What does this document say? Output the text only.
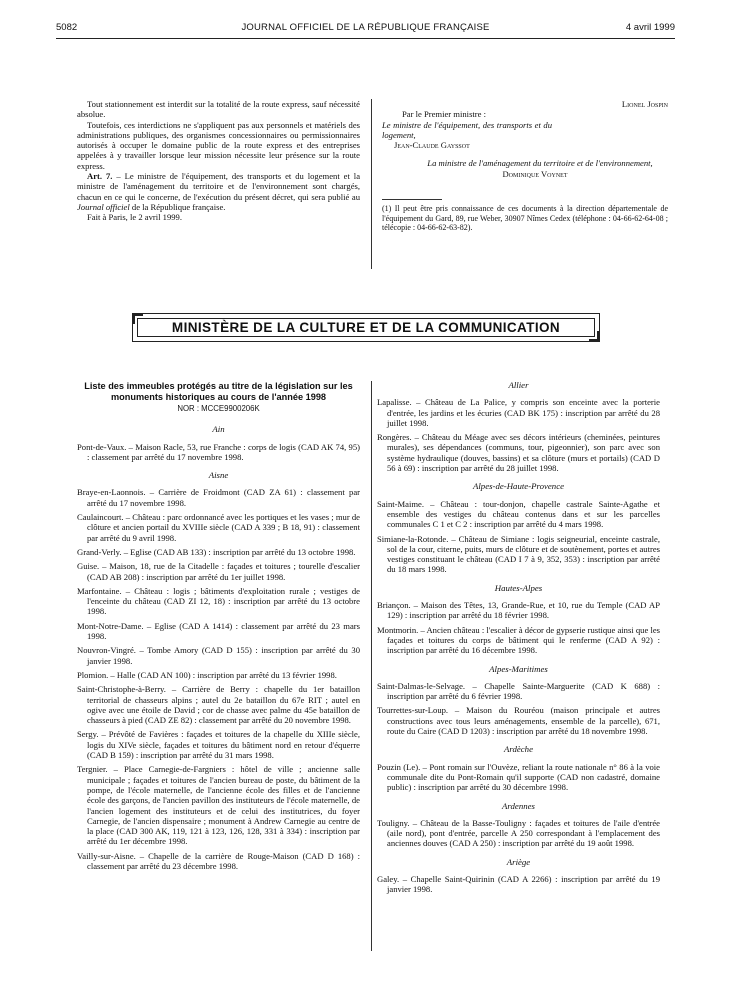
5082	JOURNAL OFFICIEL DE LA RÉPUBLIQUE FRANÇAISE	4 avril 1999

Tout stationnement est interdit sur la totalité de la route express, sauf nécessité absolue.

Toutefois, ces interdictions ne s'appliquent pas aux personnels et matériels des administrations publiques, des organismes concessionnaires ou permissionnaires autorisés à occuper le domaine public de la route express et des entreprises appelées à y travailler lorsque leur mission nécessite leur présence sur la route express.

Art. 7. – Le ministre de l'équipement, des transports et du logement et la ministre de l'aménagement du territoire et de l'environnement sont chargés, chacun en ce qui le concerne, de l'exécution du présent décret, qui sera publié au Journal officiel de la République française.

Fait à Paris, le 2 avril 1999.

Lionel Jospin
Par le Premier ministre :
Le ministre de l'équipement, des transports et du logement,
Jean-Claude Gayssot
La ministre de l'aménagement du territoire et de l'environnement,
Dominique Voynet
(1) Il peut être pris connaissance de ces documents à la direction départementale de l'équipement du Gard, 89, rue Weber, 30907 Nîmes Cedex (téléphone : 04-66-62-64-08 ; télécopie : 04-66-62-63-82).
MINISTÈRE DE LA CULTURE ET DE LA COMMUNICATION
Liste des immeubles protégés au titre de la législation sur les monuments historiques au cours de l'année 1998
NOR : MCCE9900206K
Ain
Pont-de-Vaux. – Maison Racle, 53, rue Franche : corps de logis (CAD AK 74, 95) : classement par arrêté du 17 novembre 1998.
Aisne
Braye-en-Laonnois. – Carrière de Froidmont (CAD ZA 61) : classement par arrêté du 17 novembre 1998.
Caulaincourt. – Château : parc ordonnancé avec les portiques et les vases ; mur de clôture et ancien portail du XVIIIe siècle (CAD A 339 ; B 18, 91) : classement par arrêté du 9 avril 1998.
Grand-Verly. – Eglise (CAD AB 133) : inscription par arrêté du 13 octobre 1998.
Guise. – Maison, 18, rue de la Citadelle : façades et toitures ; tourelle d'escalier (CAD AB 208) : inscription par arrêté du 1er juillet 1998.
Marfontaine. – Château : logis ; bâtiments d'exploitation rurale ; vestiges de l'enceinte du château (CAD ZI 12, 18) : inscription par arrêté du 13 octobre 1998.
Mont-Notre-Dame. – Eglise (CAD A 1414) : classement par arrêté du 23 mars 1998.
Nouvron-Vingré. – Tombe Amory (CAD D 155) : inscription par arrêté du 30 janvier 1998.
Plomion. – Halle (CAD AN 100) : inscription par arrêté du 13 février 1998.
Saint-Christophe-à-Berry. – Carrière de Berry : chapelle du 1er bataillon territorial de chasseurs alpins ; autel du 2e bataillon du 67e RIT ; autel en ogive avec une étoile de David ; cor de chasse avec palme du 45e bataillon de chasseurs à pied (CAD ZE 82) : classement par arrêté du 20 novembre 1998.
Sergy. – Prévôté de Favières : façades et toitures de la chapelle du XIIIe siècle, logis du XIVe siècle, façades et toitures du bâtiment nord en retour d'équerre (CAD B 159) : inscription par arrêté du 31 mars 1998.
Tergnier. – Place Carnegie-de-Fargniers : hôtel de ville ; ancienne salle municipale ; façades et toitures de l'ancien bureau de poste, du bâtiment de la pompe, de l'école maternelle, de l'ancienne école des filles et de l'ancienne école des garçons, de l'ancien pavillon des instituteurs de l'école maternelle, de l'ancien logement des instituteurs et de celui des institutrices, du foyer Carnegie, de l'ancien dispensaire ; monument à Andrew Carnegie au centre de la place (CAD 300 AK, 119, 121 à 123, 126, 128, 331 à 334) : inscription par arrêté du 1er décembre 1998.
Vailly-sur-Aisne. – Chapelle de la carrière de Rouge-Maison (CAD D 168) : classement par arrêté du 23 décembre 1998.
Allier
Lapalisse. – Château de La Palice, y compris son enceinte avec la porterie d'entrée, les jardins et les écuries (CAD BK 175) : inscription par arrêté du 28 juillet 1998.
Rongères. – Château du Méage avec ses décors intérieurs (cheminées, peintures murales), ses dépendances (communs, tour, pigeonnier), son parc avec son système hydraulique (douves, bassins) et sa clôture (murs et portails) (CAD D 56 à 69) : inscription par arrêté du 28 juillet 1998.
Alpes-de-Haute-Provence
Saint-Maime. – Château : tour-donjon, chapelle castrale Sainte-Agathe et ensemble des vestiges du château contenus dans et sur les parcelles communales C 1 et C 2 : inscription par arrêté du 4 mars 1998.
Simiane-la-Rotonde. – Château de Simiane : logis seigneurial, enceinte castrale, sol de la cour, citerne, puits, murs de clôture et de soutènement, portes et autres vestiges constituant le château (CAD I 7 à 9, 352, 353) : inscription par arrêté du 18 mars 1998.
Hautes-Alpes
Briançon. – Maison des Têtes, 13, Grande-Rue, et 10, rue du Temple (CAD AP 129) : inscription par arrêté du 18 février 1998.
Montmorin. – Ancien château : l'escalier à décor de gypserie rustique ainsi que les façades et toitures du corps de bâtiment qui le renferme (CAD A 92) : inscription par arrêté du 16 décembre 1998.
Alpes-Maritimes
Saint-Dalmas-le-Selvage. – Chapelle Sainte-Marguerite (CAD K 688) : inscription par arrêté du 6 février 1998.
Tourrettes-sur-Loup. – Maison du Rouréou (maison principale et autres constructions avec tous leurs aménagements, ensemble de la parcelle), 671, route du Caire (CAD D 1203) : inscription par arrêté du 18 novembre 1998.
Ardèche
Pouzin (Le). – Pont romain sur l'Ouvèze, reliant la route nationale n° 86 à la voie communale dite du Pont-Romain qu'il supporte (CAD non cadastré, domaine public) : inscription par arrêté du 30 décembre 1998.
Ardennes
Touligny. – Château de la Basse-Touligny : façades et toitures de l'aile d'entrée (aile nord), pont d'entrée, parcelle A 250 correspondant à l'emplacement des anciennes douves (CAD A 250) : inscription par arrêté du 19 août 1998.
Ariège
Galey. – Chapelle Saint-Quirinin (CAD A 2266) : inscription par arrêté du 19 janvier 1998.
